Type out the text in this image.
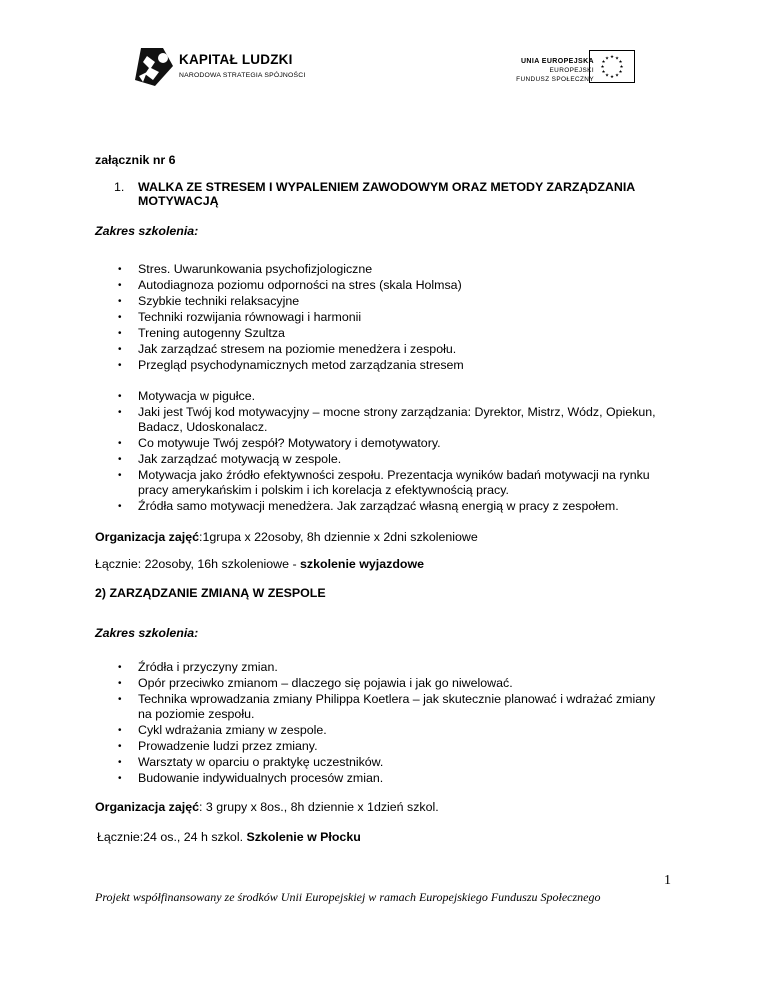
KAPITAŁ LUDZKI
NARODOWA STRATEGIA SPÓJNOŚCI
UNIA EUROPEJSKA
EUROPEJSKI
FUNDUSZ SPOŁECZNY
★ ★
★
★
★
★
★
★
★
★
★
★
załącznik nr 6
1. WALKA ZE STRESEM I WYPALENIEM ZAWODOWYM ORAZ METODY ZARZĄDZANIA
MOTYWACJĄ
Zakres szkolenia:
• Stres. Uwarunkowania psychofizjologiczne
• Autodiagnoza poziomu odporności na stres (skala Holmsa)
• Szybkie techniki relaksacyjne
• Techniki rozwijania równowagi i harmonii
• Trening autogenny Szultza
• Jak zarządzać stresem na poziomie menedżera i zespołu.
• Przegląd psychodynamicznych metod zarządzania stresem
• Motywacja w pigułce.
• Jaki jest Twój kod motywacyjny – mocne strony zarządzania: Dyrektor, Mistrz, Wódz, Opiekun,
Badacz, Udoskonalacz.
• Co motywuje Twój zespół? Motywatory i demotywatory.
• Jak zarządzać motywacją w zespole.
• Motywacja jako źródło efektywności zespołu. Prezentacja wyników badań motywacji na rynku
pracy amerykańskim i polskim i ich korelacja z efektywnością pracy.
• Źródła samo motywacji menedżera. Jak zarządzać własną energią w pracy z zespołem.
Organizacja zajęć:1grupa x 22osoby, 8h dziennie x 2dni szkoleniowe
Łącznie: 22osoby, 16h szkoleniowe - szkolenie wyjazdowe
2) ZARZĄDZANIE ZMIANĄ W ZESPOLE
Zakres szkolenia:
• Źródła i przyczyny zmian.
• Opór przeciwko zmianom – dlaczego się pojawia i jak go niwelować.
• Technika wprowadzania zmiany Philippa Koetlera – jak skutecznie planować i wdrażać zmiany
na poziomie zespołu.
• Cykl wdrażania zmiany w zespole.
• Prowadzenie ludzi przez zmiany.
• Warsztaty w oparciu o praktykę uczestników.
• Budowanie indywidualnych procesów zmian.
Organizacja zajęć: 3 grupy x 8os., 8h dziennie x 1dzień szkol.
Łącznie:24 os., 24 h szkol. Szkolenie w Płocku
1
Projekt współfinansowany ze środków Unii Europejskiej w ramach Europejskiego Funduszu Społecznego
